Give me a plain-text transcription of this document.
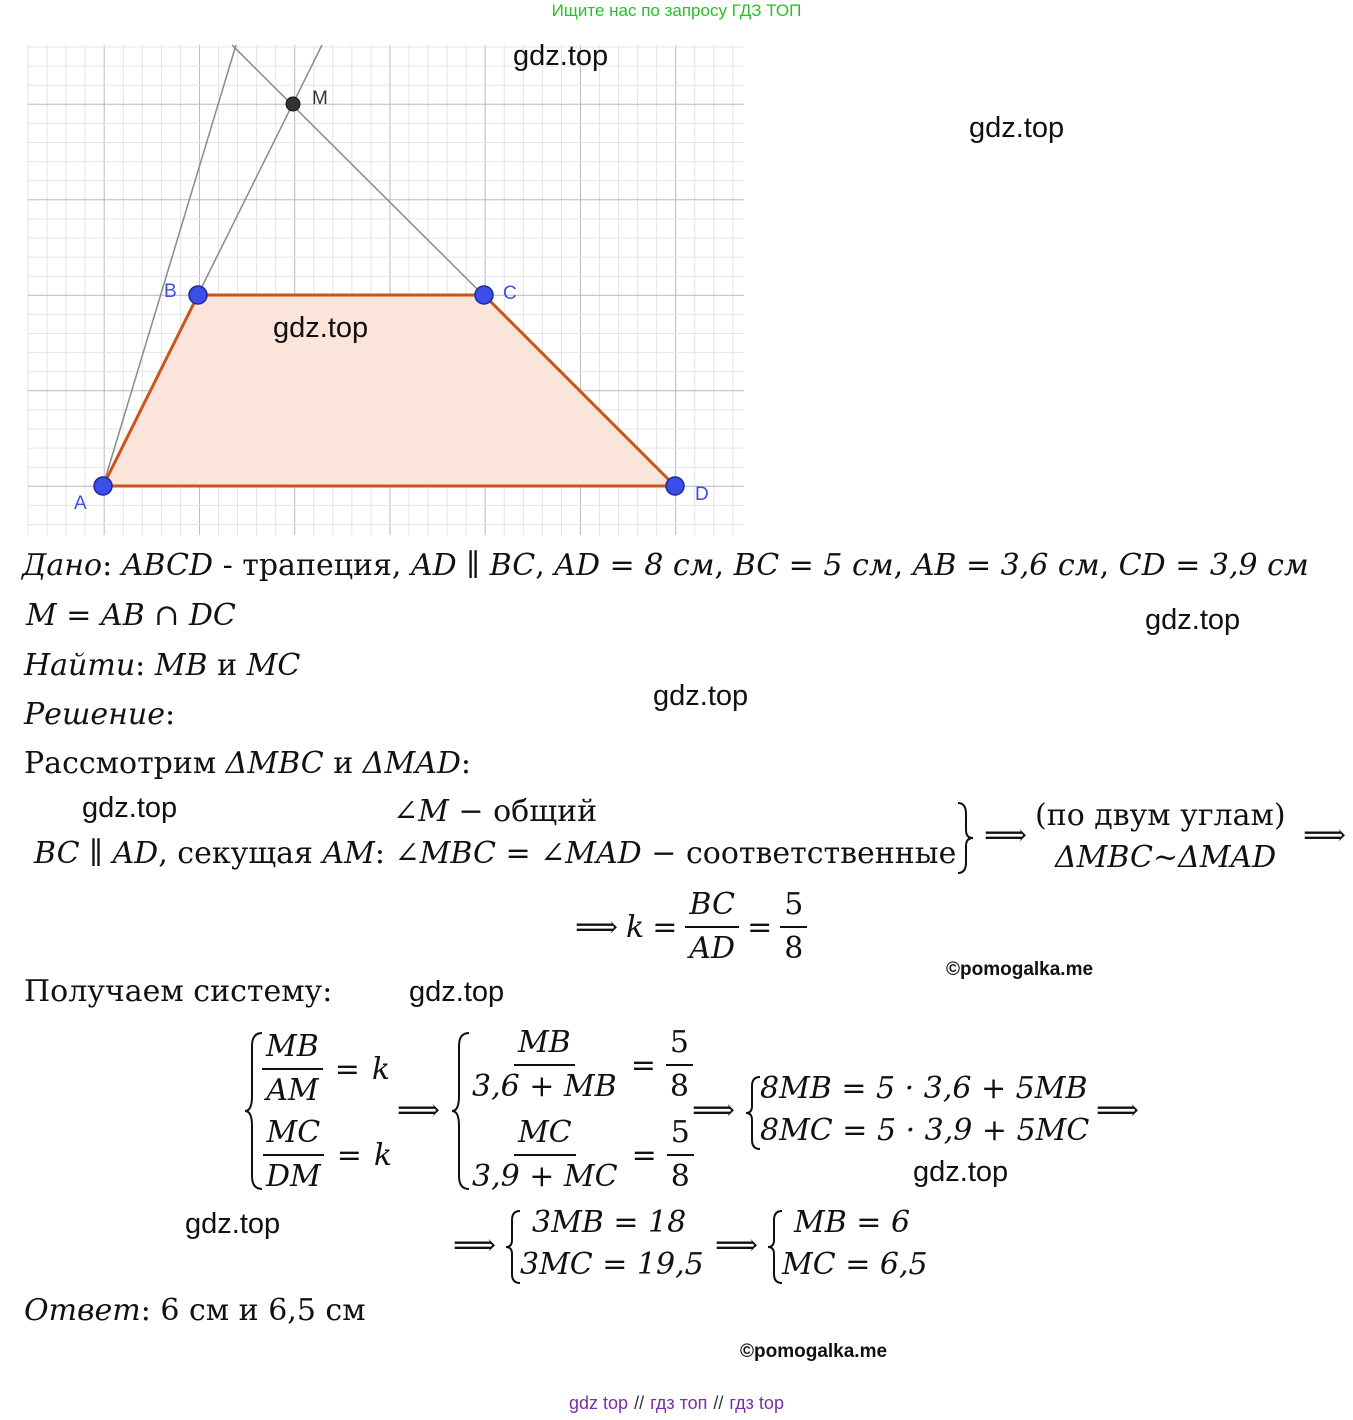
Ищите нас по запросу ГДЗ ТОП
M
B	C
A	D
gdz.top
gdz.top
gdz.top
gdz.top
gdz.top
gdz.top
gdz.top
gdz.top
gdz.top
Дано: ABCD - трапеция, AD ∥ BC, AD = 8 см, BC = 5 см, AB = 3,6 см, CD = 3,9 см
M = AB ∩ DC
Найти: MB и MC
Решение:
Рассмотрим ΔMBC и ΔMAD:
∠M − общий
BC ∥ AD, секущая AM: ∠MBC = ∠MAD − соответственные
⟹
(по двум углам)
ΔMBC~ΔMAD
⟹
⟹ $k = \frac{BC}{AD} = \frac{5}{8}$	©pomogalka.me
Получаем систему:
$\frac{MB}{AM} = k$
$\frac{MC}{DM} = k$
⟹
$\frac{MB}{3,6 + MB} = \frac{5}{8}$
$\frac{MC}{3,9 + MC} = \frac{5}{8}$
⟹
8MB = 5 · 3,6 + 5MB
8MC = 5 · 3,9 + 5MC
⟹
⟹
3MB = 18
3MC = 19,5
⟹
MB = 6
MC = 6,5
Ответ: 6 см и 6,5 см
©pomogalka.me
gdz top // гдз топ // гдз top
